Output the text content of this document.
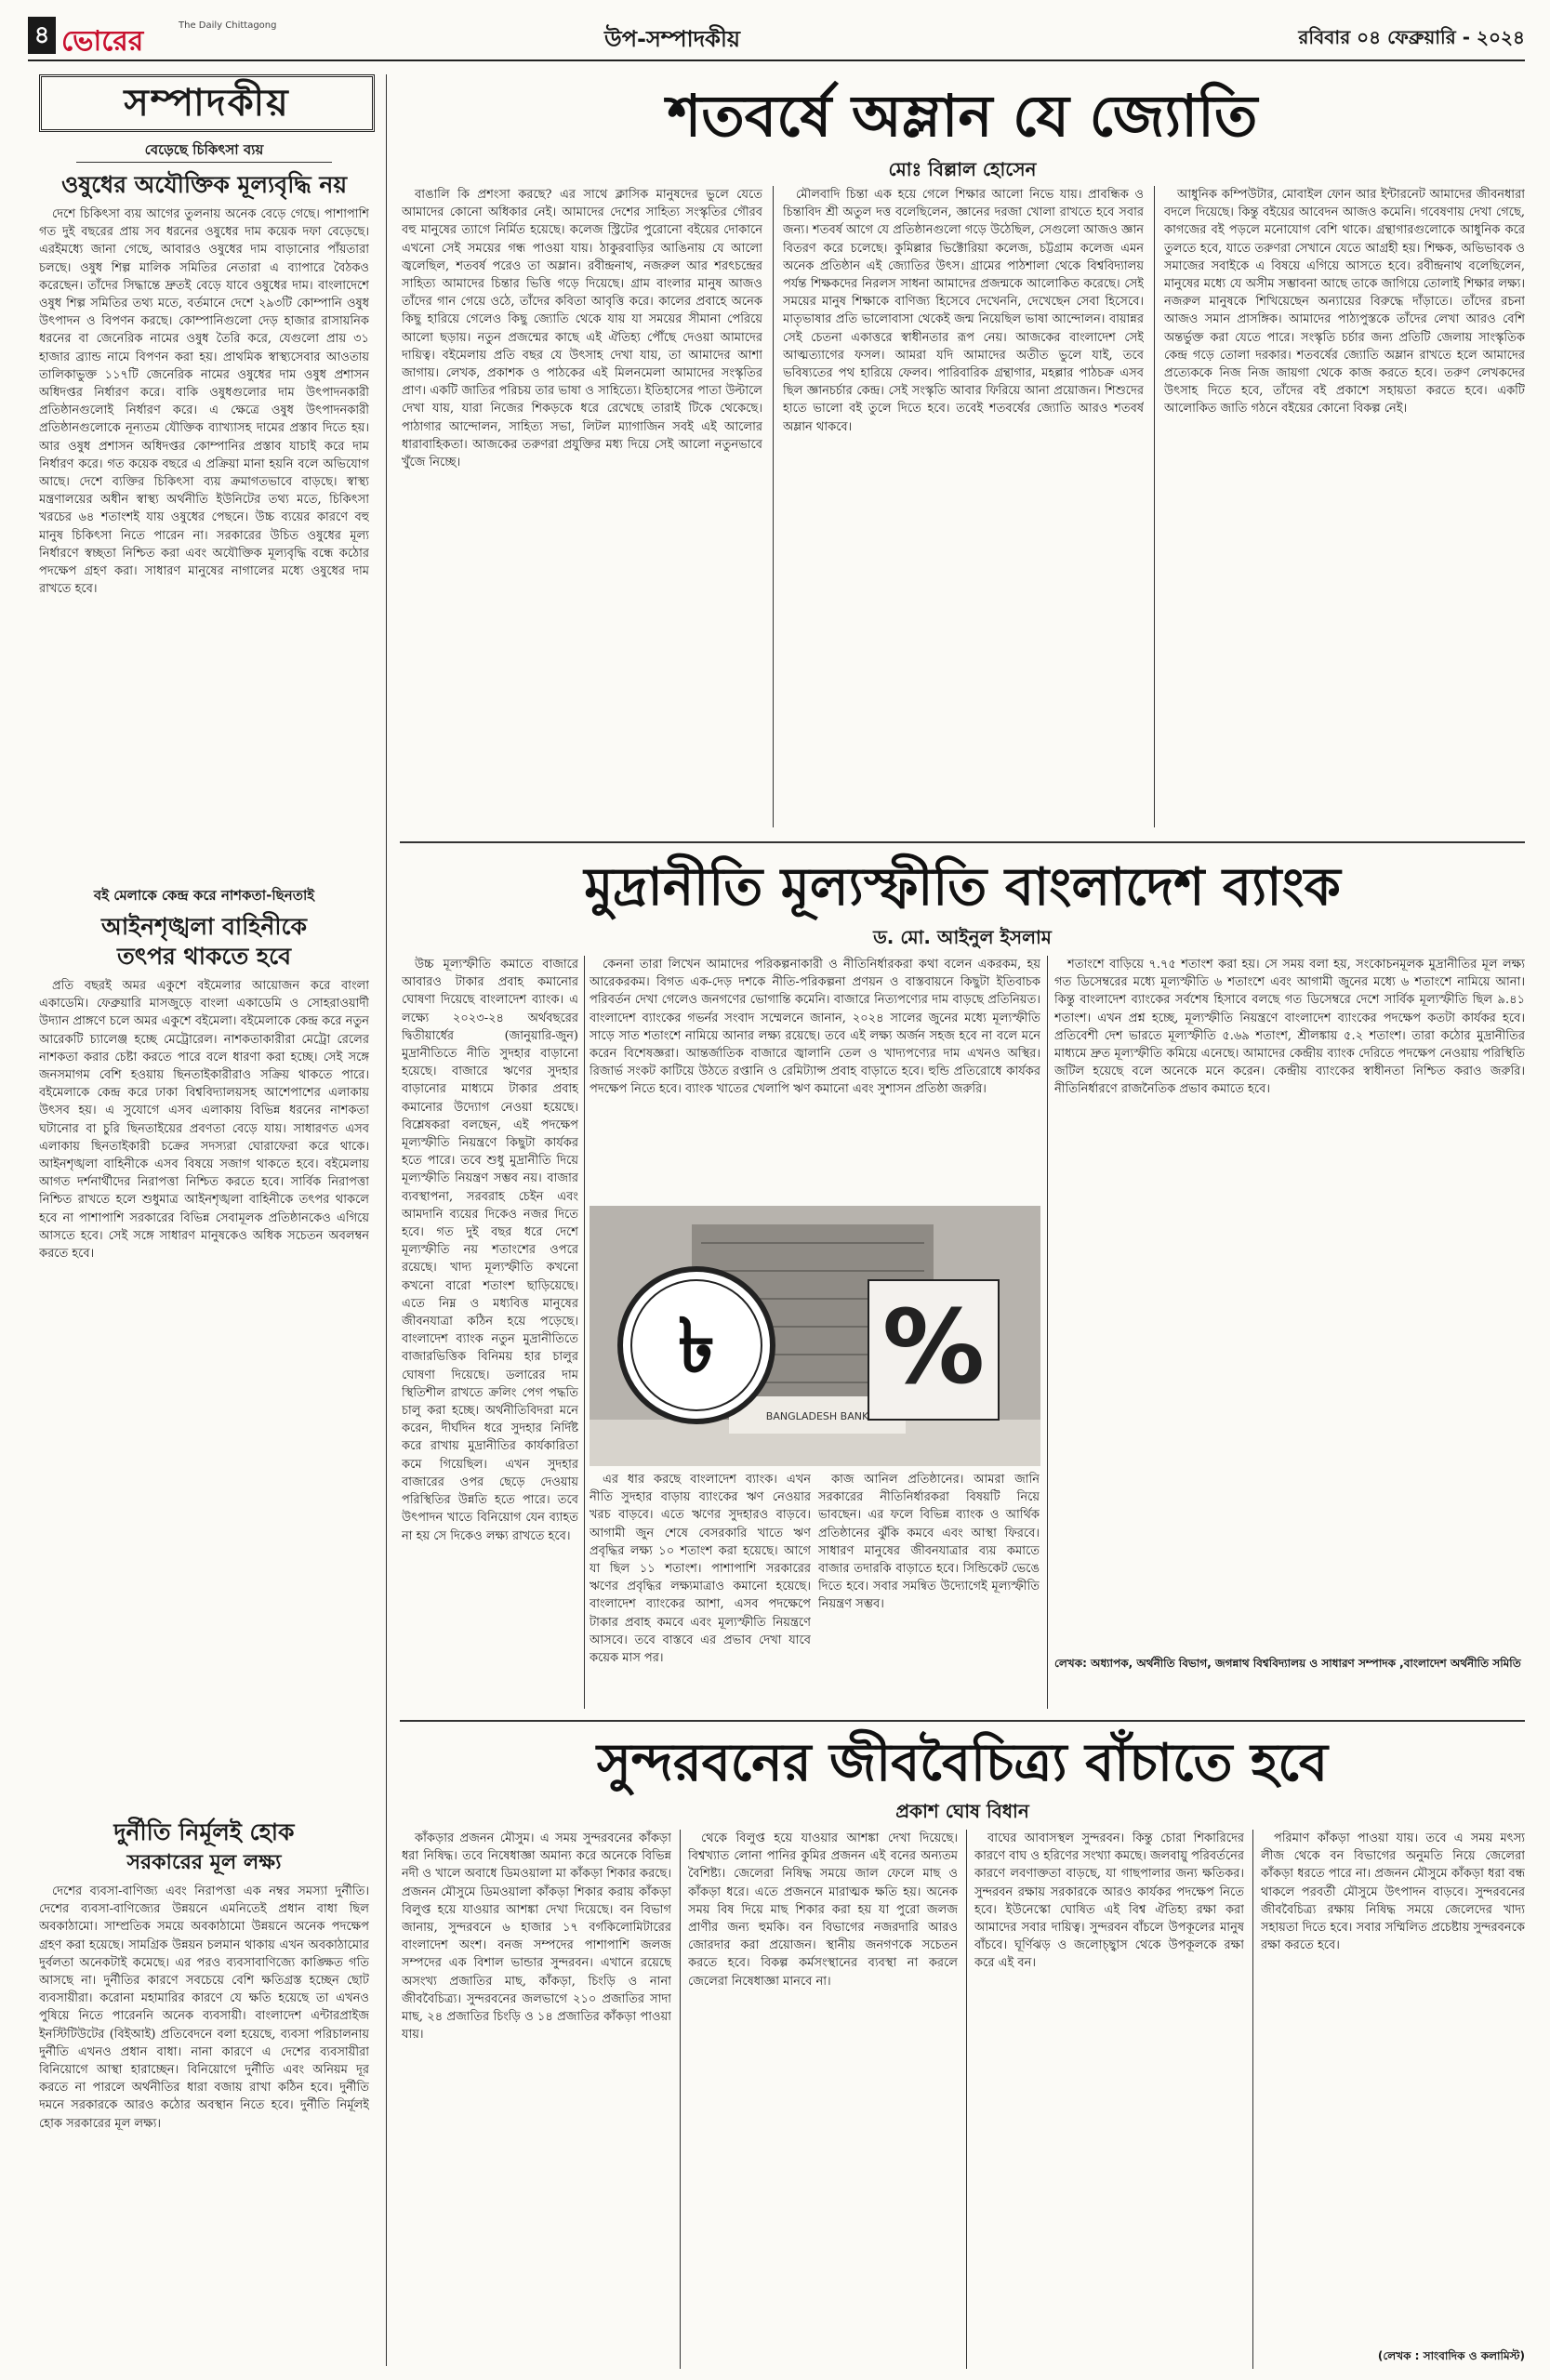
৪ ভোরের	The Daily Chittagong
উপ-সম্পাদকীয়	রবিবার ০৪ ফেব্রুয়ারি - ২০২৪
সম্পাদকীয়
বেড়েছে চিকিৎসা ব্যয়
ওষুধের অযৌক্তিক মূল্যবৃদ্ধি নয়

দেশে চিকিৎসা ব্যয় আগের তুলনায় অনেক বেড়ে গেছে। পাশাপাশি গত দুই বছরের প্রায় সব ধরনের ওষুধের দাম কয়েক দফা বেড়েছে। এরইমধ্যে জানা গেছে, আবারও ওষুধের দাম বাড়ানোর পাঁয়তারা চলছে। ওষুধ শিল্প মালিক সমিতির নেতারা এ ব্যাপারে বৈঠকও করেছেন। তাঁদের সিদ্ধান্তে দ্রুতই বেড়ে যাবে ওষুধের দাম। বাংলাদেশে ওষুধ শিল্প সমিতির তথ্য মতে, বর্তমানে দেশে ২৯৩টি কোম্পানি ওষুধ উৎপাদন ও বিপণন করছে। কোম্পানিগুলো দেড় হাজার রাসায়নিক ধরনের বা জেনেরিক নামের ওষুধ তৈরি করে, যেগুলো প্রায় ৩১ হাজার ব্র্যান্ড নামে বিপণন করা হয়। প্রাথমিক স্বাস্থ্যসেবার আওতায় তালিকাভুক্ত ১১৭টি জেনেরিক নামের ওষুধের দাম ওষুধ প্রশাসন অধিদপ্তর নির্ধারণ করে। বাকি ওষুধগুলোর দাম উৎপাদনকারী প্রতিষ্ঠানগুলোই নির্ধারণ করে। এ ক্ষেত্রে ওষুধ উৎপাদনকারী প্রতিষ্ঠানগুলোকে নূন্যতম যৌক্তিক ব্যাখ্যাসহ দামের প্রস্তাব দিতে হয়। আর ওষুধ প্রশাসন অধিদপ্তর কোম্পানির প্রস্তাব যাচাই করে দাম নির্ধারণ করে। গত কয়েক বছরে এ প্রক্রিয়া মানা হয়নি বলে অভিযোগ আছে। দেশে ব্যক্তির চিকিৎসা ব্যয় ক্রমাগতভাবে বাড়ছে। স্বাস্থ্য মন্ত্রণালয়ের অধীন স্বাস্থ্য অর্থনীতি ইউনিটের তথ্য মতে, চিকিৎসা খরচের ৬৪ শতাংশই যায় ওষুধের পেছনে। উচ্চ ব্যয়ের কারণে বহু মানুষ চিকিৎসা নিতে পারেন না। সরকারের উচিত ওষুধের মূল্য নির্ধারণে স্বচ্ছতা নিশ্চিত করা এবং অযৌক্তিক মূল্যবৃদ্ধি বন্ধে কঠোর পদক্ষেপ গ্রহণ করা। সাধারণ মানুষের নাগালের মধ্যে ওষুধের দাম রাখতে হবে।

বই মেলাকে কেন্দ্র করে নাশকতা-ছিনতাই
আইনশৃঙ্খলা বাহিনীকে
তৎপর থাকতে হবে

প্রতি বছরই অমর একুশে বইমেলার আয়োজন করে বাংলা একাডেমি। ফেব্রুয়ারি মাসজুড়ে বাংলা একাডেমি ও সোহরাওয়ার্দী উদ্যান প্রাঙ্গণে চলে অমর একুশে বইমেলা। বইমেলাকে কেন্দ্র করে নতুন আরেকটি চ্যালেঞ্জ হচ্ছে মেট্রোরেল। নাশকতাকারীরা মেট্রো রেলের নাশকতা করার চেষ্টা করতে পারে বলে ধারণা করা হচ্ছে। সেই সঙ্গে জনসমাগম বেশি হওয়ায় ছিনতাইকারীরাও সক্রিয় থাকতে পারে। বইমেলাকে কেন্দ্র করে ঢাকা বিশ্ববিদ্যালয়সহ আশেপাশের এলাকায় উৎসব হয়। এ সুযোগে এসব এলাকায় বিভিন্ন ধরনের নাশকতা ঘটানোর বা চুরি ছিনতাইয়ের প্রবণতা বেড়ে যায়। সাধারণত এসব এলাকায় ছিনতাইকারী চক্রের সদস্যরা ঘোরাফেরা করে থাকে। আইনশৃঙ্খলা বাহিনীকে এসব বিষয়ে সজাগ থাকতে হবে। বইমেলায় আগত দর্শনার্থীদের নিরাপত্তা নিশ্চিত করতে হবে। সার্বিক নিরাপত্তা নিশ্চিত রাখতে হলে শুধুমাত্র আইনশৃঙ্খলা বাহিনীকে তৎপর থাকলে হবে না পাশাপাশি সরকারের বিভিন্ন সেবামূলক প্রতিষ্ঠানকেও এগিয়ে আসতে হবে। সেই সঙ্গে সাধারণ মানুষকেও অধিক সচেতন অবলম্বন করতে হবে।

দুর্নীতি নির্মূলই হোক
সরকারের মূল লক্ষ্য

দেশের ব্যবসা-বাণিজ্য এবং নিরাপত্তা এক নম্বর সমস্যা দুর্নীতি। দেশের ব্যবসা-বাণিজ্যের উন্নয়নে এমনিতেই প্রধান বাধা ছিল অবকাঠামো। সাম্প্রতিক সময়ে অবকাঠামো উন্নয়নে অনেক পদক্ষেপ গ্রহণ করা হয়েছে। সামগ্রিক উন্নয়ন চলমান থাকায় এখন অবকাঠামোর দুর্বলতা অনেকটাই কমেছে। এর পরও ব্যবসাবাণিজ্যে কাঙ্ক্ষিত গতি আসছে না। দুর্নীতির কারণে সবচেয়ে বেশি ক্ষতিগ্রস্ত হচ্ছেন ছোট ব্যবসায়ীরা। করোনা মহামারির কারণে যে ক্ষতি হয়েছে তা এখনও পুষিয়ে নিতে পারেননি অনেক ব্যবসায়ী। বাংলাদেশ এন্টারপ্রাইজ ইনস্টিটিউটের (বিইআই) প্রতিবেদনে বলা হয়েছে, ব্যবসা পরিচালনায় দুর্নীতি এখনও প্রধান বাধা। নানা কারণে এ দেশের ব্যবসায়ীরা বিনিয়োগে আস্থা হারাচ্ছেন। বিনিয়োগে দুর্নীতি এবং অনিয়ম দূর করতে না পারলে অর্থনীতির ধারা বজায় রাখা কঠিন হবে। দুর্নীতি দমনে সরকারকে আরও কঠোর অবস্থান নিতে হবে। দুর্নীতি নির্মূলই হোক সরকারের মূল লক্ষ্য।

শতবর্ষে অম্লান যে জ্যোতি
মোঃ বিল্লাল হোসেন

বাঙালি কি প্রশংসা করছে? এর সাথে ক্লাসিক মানুষদের ভুলে যেতে আমাদের কোনো অধিকার নেই। আমাদের দেশের সাহিত্য সংস্কৃতির গৌরব বহু মানুষের ত্যাগে নির্মিত হয়েছে। কলেজ স্ট্রিটের পুরোনো বইয়ের দোকানে এখনো সেই সময়ের গন্ধ পাওয়া যায়। ঠাকুরবাড়ির আঙিনায় যে আলো জ্বলেছিল, শতবর্ষ পরেও তা অম্লান। রবীন্দ্রনাথ, নজরুল আর শরৎচন্দ্রের সাহিত্য আমাদের চিন্তার ভিত্তি গড়ে দিয়েছে। গ্রাম বাংলার মানুষ আজও তাঁদের গান গেয়ে ওঠে, তাঁদের কবিতা আবৃত্তি করে। কালের প্রবাহে অনেক কিছু হারিয়ে গেলেও কিছু জ্যোতি থেকে যায় যা সময়ের সীমানা পেরিয়ে আলো ছড়ায়। নতুন প্রজন্মের কাছে এই ঐতিহ্য পৌঁছে দেওয়া আমাদের দায়িত্ব। বইমেলায় প্রতি বছর যে উৎসাহ দেখা যায়, তা আমাদের আশা জাগায়। লেখক, প্রকাশক ও পাঠকের এই মিলনমেলা আমাদের সংস্কৃতির প্রাণ। একটি জাতির পরিচয় তার ভাষা ও সাহিত্যে। ইতিহাসের পাতা উল্টালে দেখা যায়, যারা নিজের শিকড়কে ধরে রেখেছে তারাই টিকে থেকেছে। পাঠাগার আন্দোলন, সাহিত্য সভা, লিটল ম্যাগাজিন সবই এই আলোর ধারাবাহিকতা। আজকের তরুণরা প্রযুক্তির মধ্য দিয়ে সেই আলো নতুনভাবে খুঁজে নিচ্ছে।

মৌলবাদি চিন্তা এক হয়ে গেলে শিক্ষার আলো নিভে যায়। প্রাবন্ধিক ও চিন্তাবিদ শ্রী অতুল দত্ত বলেছিলেন, জ্ঞানের দরজা খোলা রাখতে হবে সবার জন্য। শতবর্ষ আগে যে প্রতিষ্ঠানগুলো গড়ে উঠেছিল, সেগুলো আজও জ্ঞান বিতরণ করে চলেছে। কুমিল্লার ভিক্টোরিয়া কলেজ, চট্টগ্রাম কলেজ এমন অনেক প্রতিষ্ঠান এই জ্যোতির উৎস। গ্রামের পাঠশালা থেকে বিশ্ববিদ্যালয় পর্যন্ত শিক্ষকদের নিরলস সাধনা আমাদের প্রজন্মকে আলোকিত করেছে। সেই সময়ের মানুষ শিক্ষাকে বাণিজ্য হিসেবে দেখেননি, দেখেছেন সেবা হিসেবে। মাতৃভাষার প্রতি ভালোবাসা থেকেই জন্ম নিয়েছিল ভাষা আন্দোলন। বায়ান্নর সেই চেতনা একাত্তরে স্বাধীনতার রূপ নেয়। আজকের বাংলাদেশ সেই আত্মত্যাগের ফসল। আমরা যদি আমাদের অতীত ভুলে যাই, তবে ভবিষ্যতের পথ হারিয়ে ফেলব। পারিবারিক গ্রন্থাগার, মহল্লার পাঠচক্র এসব ছিল জ্ঞানচর্চার কেন্দ্র। সেই সংস্কৃতি আবার ফিরিয়ে আনা প্রয়োজন। শিশুদের হাতে ভালো বই তুলে দিতে হবে। তবেই শতবর্ষের জ্যোতি আরও শতবর্ষ অম্লান থাকবে।

আধুনিক কম্পিউটার, মোবাইল ফোন আর ইন্টারনেট আমাদের জীবনধারা বদলে দিয়েছে। কিন্তু বইয়ের আবেদন আজও কমেনি। গবেষণায় দেখা গেছে, কাগজের বই পড়লে মনোযোগ বেশি থাকে। গ্রন্থাগারগুলোকে আধুনিক করে তুলতে হবে, যাতে তরুণরা সেখানে যেতে আগ্রহী হয়। শিক্ষক, অভিভাবক ও সমাজের সবাইকে এ বিষয়ে এগিয়ে আসতে হবে। রবীন্দ্রনাথ বলেছিলেন, মানুষের মধ্যে যে অসীম সম্ভাবনা আছে তাকে জাগিয়ে তোলাই শিক্ষার লক্ষ্য। নজরুল মানুষকে শিখিয়েছেন অন্যায়ের বিরুদ্ধে দাঁড়াতে। তাঁদের রচনা আজও সমান প্রাসঙ্গিক। আমাদের পাঠ্যপুস্তকে তাঁদের লেখা আরও বেশি অন্তর্ভুক্ত করা যেতে পারে। সংস্কৃতি চর্চার জন্য প্রতিটি জেলায় সাংস্কৃতিক কেন্দ্র গড়ে তোলা দরকার। শতবর্ষের জ্যোতি অম্লান রাখতে হলে আমাদের প্রত্যেককে নিজ নিজ জায়গা থেকে কাজ করতে হবে। তরুণ লেখকদের উৎসাহ দিতে হবে, তাঁদের বই প্রকাশে সহায়তা করতে হবে। একটি আলোকিত জাতি গঠনে বইয়ের কোনো বিকল্প নেই।

মুদ্রানীতি মূল্যস্ফীতি বাংলাদেশ ব্যাংক
ড. মো. আইনুল ইসলাম

উচ্চ মূল্যস্ফীতি কমাতে বাজারে আবারও টাকার প্রবাহ কমানোর ঘোষণা দিয়েছে বাংলাদেশ ব্যাংক। এ লক্ষ্যে ২০২৩-২৪ অর্থবছরের দ্বিতীয়ার্ধের (জানুয়ারি-জুন) মুদ্রানীতিতে নীতি সুদহার বাড়ানো হয়েছে। বাজারে ঋণের সুদহার বাড়ানোর মাধ্যমে টাকার প্রবাহ কমানোর উদ্যোগ নেওয়া হয়েছে। বিশ্লেষকরা বলছেন, এই পদক্ষেপ মূল্যস্ফীতি নিয়ন্ত্রণে কিছুটা কার্যকর হতে পারে। তবে শুধু মুদ্রানীতি দিয়ে মূল্যস্ফীতি নিয়ন্ত্রণ সম্ভব নয়। বাজার ব্যবস্থাপনা, সরবরাহ চেইন এবং আমদানি ব্যয়ের দিকেও নজর দিতে হবে। গত দুই বছর ধরে দেশে মূল্যস্ফীতি নয় শতাংশের ওপরে রয়েছে। খাদ্য মূল্যস্ফীতি কখনো কখনো বারো শতাংশ ছাড়িয়েছে। এতে নিম্ন ও মধ্যবিত্ত মানুষের জীবনযাত্রা কঠিন হয়ে পড়েছে। বাংলাদেশ ব্যাংক নতুন মুদ্রানীতিতে বাজারভিত্তিক বিনিময় হার চালুর ঘোষণা দিয়েছে। ডলারের দাম স্থিতিশীল রাখতে ক্রলিং পেগ পদ্ধতি চালু করা হচ্ছে। অর্থনীতিবিদরা মনে করেন, দীর্ঘদিন ধরে সুদহার নির্দিষ্ট করে রাখায় মুদ্রানীতির কার্যকারিতা কমে গিয়েছিল। এখন সুদহার বাজারের ওপর ছেড়ে দেওয়ায় পরিস্থিতির উন্নতি হতে পারে। তবে উৎপাদন খাতে বিনিয়োগ যেন ব্যাহত না হয় সে দিকেও লক্ষ্য রাখতে হবে।

কেননা তারা লিখেন আমাদের পরিকল্পনাকারী ও নীতিনির্ধারকরা কথা বলেন একরকম, হয় আরেকরকম। বিগত এক-দেড় দশকে নীতি-পরিকল্পনা প্রণয়ন ও বাস্তবায়নে কিছুটা ইতিবাচক পরিবর্তন দেখা গেলেও জনগণের ভোগান্তি কমেনি। বাজারে নিত্যপণ্যের দাম বাড়ছে প্রতিনিয়ত। বাংলাদেশ ব্যাংকের গভর্নর সংবাদ সম্মেলনে জানান, ২০২৪ সালের জুনের মধ্যে মূল্যস্ফীতি সাড়ে সাত শতাংশে নামিয়ে আনার লক্ষ্য রয়েছে। তবে এই লক্ষ্য অর্জন সহজ হবে না বলে মনে করেন বিশেষজ্ঞরা। আন্তর্জাতিক বাজারে জ্বালানি তেল ও খাদ্যপণ্যের দাম এখনও অস্থির। রিজার্ভ সংকট কাটিয়ে উঠতে রপ্তানি ও রেমিট্যান্স প্রবাহ বাড়াতে হবে। হুন্ডি প্রতিরোধে কার্যকর পদক্ষেপ নিতে হবে। ব্যাংক খাতের খেলাপি ঋণ কমানো এবং সুশাসন প্রতিষ্ঠা জরুরি।

BANGLADESH BANK
৳ %

এর ধার করছে বাংলাদেশ ব্যাংক। এখন নীতি সুদহার বাড়ায় ব্যাংকের ঋণ নেওয়ার খরচ বাড়বে। এতে ঋণের সুদহারও বাড়বে। আগামী জুন শেষে বেসরকারি খাতে ঋণ প্রবৃদ্ধির লক্ষ্য ১০ শতাংশ করা হয়েছে। আগে যা ছিল ১১ শতাংশ। পাশাপাশি সরকারের ঋণের প্রবৃদ্ধির লক্ষ্যমাত্রাও কমানো হয়েছে। বাংলাদেশ ব্যাংকের আশা, এসব পদক্ষেপে টাকার প্রবাহ কমবে এবং মূল্যস্ফীতি নিয়ন্ত্রণে আসবে। তবে বাস্তবে এর প্রভাব দেখা যাবে কয়েক মাস পর।

কাজ আনিল প্রতিষ্ঠানের। আমরা জানি সরকারের নীতিনির্ধারকরা বিষয়টি নিয়ে ভাবছেন। এর ফলে বিভিন্ন ব্যাংক ও আর্থিক প্রতিষ্ঠানের ঝুঁকি কমবে এবং আস্থা ফিরবে। সাধারণ মানুষের জীবনযাত্রার ব্যয় কমাতে বাজার তদারকি বাড়াতে হবে। সিন্ডিকেট ভেঙে দিতে হবে। সবার সমন্বিত উদ্যোগেই মূল্যস্ফীতি নিয়ন্ত্রণ সম্ভব।

শতাংশে বাড়িয়ে ৭.৭৫ শতাংশ করা হয়। সে সময় বলা হয়, সংকোচনমূলক মুদ্রানীতির মূল লক্ষ্য গত ডিসেম্বরের মধ্যে মূল্যস্ফীতি ৬ শতাংশে এবং আগামী জুনের মধ্যে ৬ শতাংশে নামিয়ে আনা। কিন্তু বাংলাদেশ ব্যাংকের সর্বশেষ হিসাবে বলছে গত ডিসেম্বরে দেশে সার্বিক মূল্যস্ফীতি ছিল ৯.৪১ শতাংশ। এখন প্রশ্ন হচ্ছে, মূল্যস্ফীতি নিয়ন্ত্রণে বাংলাদেশ ব্যাংকের পদক্ষেপ কতটা কার্যকর হবে। প্রতিবেশী দেশ ভারতে মূল্যস্ফীতি ৫.৬৯ শতাংশ, শ্রীলঙ্কায় ৫.২ শতাংশ। তারা কঠোর মুদ্রানীতির মাধ্যমে দ্রুত মূল্যস্ফীতি কমিয়ে এনেছে। আমাদের কেন্দ্রীয় ব্যাংক দেরিতে পদক্ষেপ নেওয়ায় পরিস্থিতি জটিল হয়েছে বলে অনেকে মনে করেন। কেন্দ্রীয় ব্যাংকের স্বাধীনতা নিশ্চিত করাও জরুরি। নীতিনির্ধারণে রাজনৈতিক প্রভাব কমাতে হবে।

লেখক: অধ্যাপক, অর্থনীতি বিভাগ, জগন্নাথ বিশ্ববিদ্যালয় ও সাধারণ সম্পাদক ,বাংলাদেশ অর্থনীতি সমিতি
সুন্দরবনের জীববৈচিত্র্য বাঁচাতে হবে
প্রকাশ ঘোষ বিধান

কাঁকড়ার প্রজনন মৌসুম। এ সময় সুন্দরবনের কাঁকড়া ধরা নিষিদ্ধ। তবে নিষেধাজ্ঞা অমান্য করে অনেকে বিভিন্ন নদী ও খালে অবাধে ডিমওয়ালা মা কাঁকড়া শিকার করছে। প্রজনন মৌসুমে ডিমওয়ালা কাঁকড়া শিকার করায় কাঁকড়া বিলুপ্ত হয়ে যাওয়ার আশঙ্কা দেখা দিয়েছে। বন বিভাগ জানায়, সুন্দরবনে ৬ হাজার ১৭ বর্গকিলোমিটারের বাংলাদেশ অংশ। বনজ সম্পদের পাশাপাশি জলজ সম্পদের এক বিশাল ভান্ডার সুন্দরবন। এখানে রয়েছে অসংখ্য প্রজাতির মাছ, কাঁকড়া, চিংড়ি ও নানা জীববৈচিত্র্য। সুন্দরবনের জলভাগে ২১০ প্রজাতির সাদা মাছ, ২৪ প্রজাতির চিংড়ি ও ১৪ প্রজাতির কাঁকড়া পাওয়া যায়।

থেকে বিলুপ্ত হয়ে যাওয়ার আশঙ্কা দেখা দিয়েছে। বিশ্বখ্যাত লোনা পানির কুমির প্রজনন এই বনের অন্যতম বৈশিষ্ট্য। জেলেরা নিষিদ্ধ সময়ে জাল ফেলে মাছ ও কাঁকড়া ধরে। এতে প্রজননে মারাত্মক ক্ষতি হয়। অনেক সময় বিষ দিয়ে মাছ শিকার করা হয় যা পুরো জলজ প্রাণীর জন্য হুমকি। বন বিভাগের নজরদারি আরও জোরদার করা প্রয়োজন। স্থানীয় জনগণকে সচেতন করতে হবে। বিকল্প কর্মসংস্থানের ব্যবস্থা না করলে জেলেরা নিষেধাজ্ঞা মানবে না।

বাঘের আবাসস্থল সুন্দরবন। কিন্তু চোরা শিকারিদের কারণে বাঘ ও হরিণের সংখ্যা কমছে। জলবায়ু পরিবর্তনের কারণে লবণাক্ততা বাড়ছে, যা গাছপালার জন্য ক্ষতিকর। সুন্দরবন রক্ষায় সরকারকে আরও কার্যকর পদক্ষেপ নিতে হবে। ইউনেস্কো ঘোষিত এই বিশ্ব ঐতিহ্য রক্ষা করা আমাদের সবার দায়িত্ব। সুন্দরবন বাঁচলে উপকূলের মানুষ বাঁচবে। ঘূর্ণিঝড় ও জলোচ্ছ্বাস থেকে উপকূলকে রক্ষা করে এই বন।

পরিমাণ কাঁকড়া পাওয়া যায়। তবে এ সময় মৎস্য লীজ থেকে বন বিভাগের অনুমতি নিয়ে জেলেরা কাঁকড়া ধরতে পারে না। প্রজনন মৌসুমে কাঁকড়া ধরা বন্ধ থাকলে পরবর্তী মৌসুমে উৎপাদন বাড়বে। সুন্দরবনের জীববৈচিত্র্য রক্ষায় নিষিদ্ধ সময়ে জেলেদের খাদ্য সহায়তা দিতে হবে। সবার সম্মিলিত প্রচেষ্টায় সুন্দরবনকে রক্ষা করতে হবে।

(লেখক : সাংবাদিক ও কলামিস্ট)
